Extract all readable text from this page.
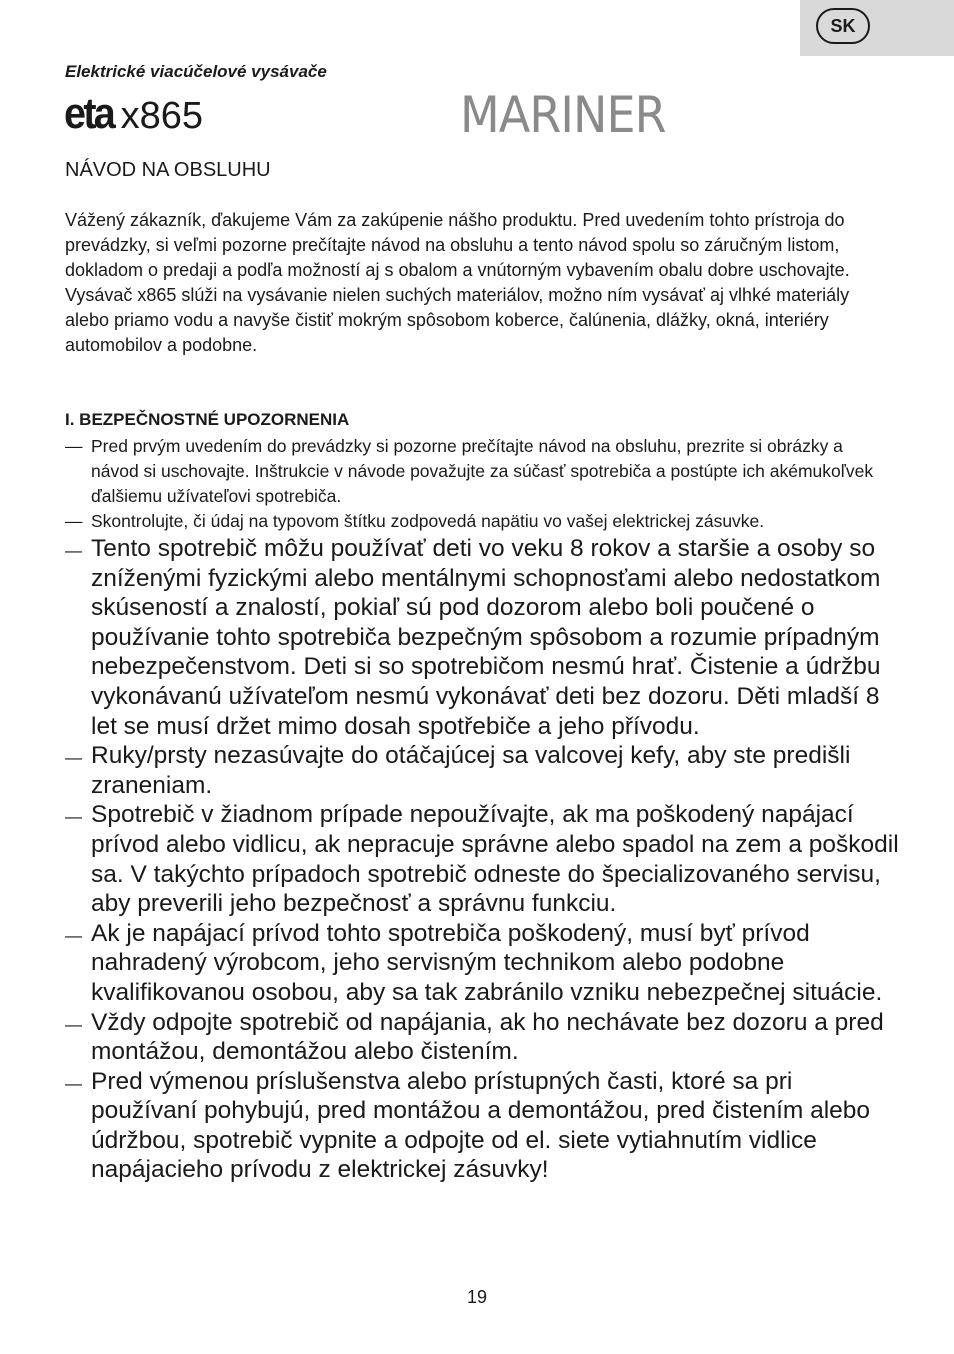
SK
Elektrické viacúčelové vysávače
eta x865	MARINER
NÁVOD NA OBSLUHU

Vážený zákazník, ďakujeme Vám za zakúpenie nášho produktu. Pred uvedením tohto prístroja do prevádzky, si veľmi pozorne prečítajte návod na obsluhu a tento návod spolu so záručným listom, dokladom o predaji a podľa možností aj s obalom a vnútorným vybavením obalu dobre uschovajte.

Vysávač x865 slúži na vysávanie nielen suchých materiálov, možno ním vysávať aj vlhké materiály alebo priamo vodu a navyše čistiť mokrým spôsobom koberce, čalúnenia, dlážky, okná, interiéry automobilov a podobne.

I. BEZPEČNOSTNÉ UPOZORNENIA
— Pred prvým uvedením do prevádzky si pozorne prečítajte návod na obsluhu, prezrite si obrázky a návod si uschovajte. Inštrukcie v návode považujte za súčasť spotrebiča a postúpte ich akémukoľvek ďalšiemu užívateľovi spotrebiča.
— Skontrolujte, či údaj na typovom štítku zodpovedá napätiu vo vašej elektrickej zásuvke.
— Tento spotrebič môžu používať deti vo veku 8 rokov a staršie a osoby so zníženými fyzickými alebo mentálnymi schopnosťami alebo nedostatkom skúseností a znalostí, pokiaľ sú pod dozorom alebo boli poučené o používanie tohto spotrebiča bezpečným spôsobom a rozumie prípadným nebezpečenstvom. Deti si so spotrebičom nesmú hrať. Čistenie a údržbu vykonávanú užívateľom nesmú vykonávať deti bez dozoru. Děti mladší 8 let se musí držet mimo dosah spotřebiče a jeho přívodu.
— Ruky/prsty nezasúvajte do otáčajúcej sa valcovej kefy, aby ste predišli zraneniam.
— Spotrebič v žiadnom prípade nepoužívajte, ak ma poškodený napájací prívod alebo vidlicu, ak nepracuje správne alebo spadol na zem a poškodil sa. V takýchto prípadoch spotrebič odneste do špecializovaného servisu, aby preverili jeho bezpečnosť a správnu funkciu.
— Ak je napájací prívod tohto spotrebiča poškodený, musí byť prívod nahradený výrobcom, jeho servisným technikom alebo podobne kvalifikovanou osobou, aby sa tak zabránilo vzniku nebezpečnej situácie.
— Vždy odpojte spotrebič od napájania, ak ho nechávate bez dozoru a pred montážou, demontážou alebo čistením.
— Pred výmenou príslušenstva alebo prístupných časti, ktoré sa pri používaní pohybujú, pred montážou a demontážou, pred čistením alebo údržbou, spotrebič vypnite a odpojte od el. siete vytiahnutím vidlice napájacieho prívodu z elektrickej zásuvky!
19
